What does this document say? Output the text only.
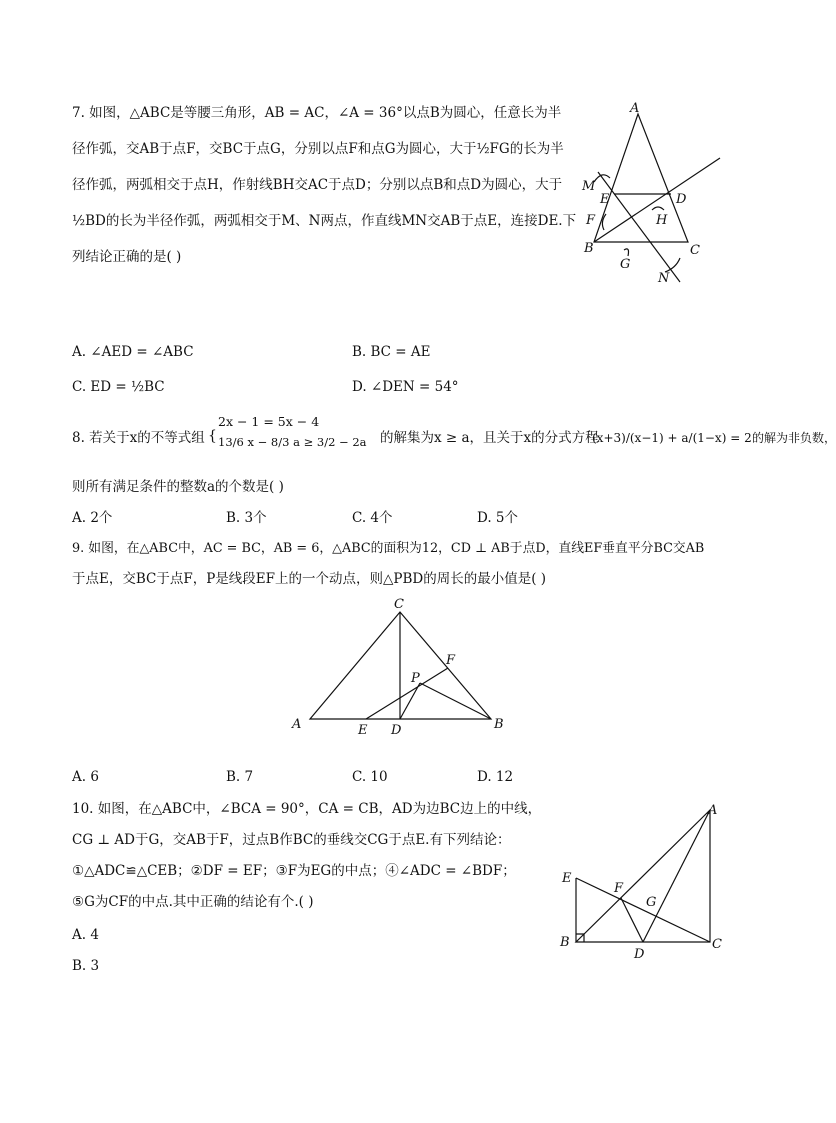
7. 如图，△ABC是等腰三角形，AB = AC，∠A = 36°以点B为圆心，任意长为半
径作弧，交AB于点F，交BC于点G，分别以点F和点G为圆心，大于½FG的长为半
径作弧，两弧相交于点H，作射线BH交AC于点D；分别以点B和点D为圆心，大于
½BD的长为半径作弧，两弧相交于M、N两点，作直线MN交AB于点E，连接DE.下
列结论正确的是( )
A. ∠AED = ∠ABC	B. BC = AE
C. ED = ½BC	D. ∠DEN = 54°
A
M
E	D
F	H
B
G
C
N
8. 若关于x的不等式组 {
2x − 1 = 5x − 4
13/6 x − 8/3 a ≥ 3/2 − 2a 的解集为x ≥ a，且关于x的分式方程
(x+3)/(x−1) + a/(1−x) = 2 的解为非负数，
则所有满足条件的整数a的个数是( )
A. 2个	B. 3个	C. 4个	D. 5个
9. 如图，在△ABC中，AC = BC，AB = 6，△ABC的面积为12，CD ⊥ AB于点D，直线EF垂直平分BC交AB
于点E，交BC于点F，P是线段EF上的一个动点，则△PBD的周长的最小值是( )
C
F
P
A	E D	B
A. 6	B. 7	C. 10	D. 12
10. 如图，在△ABC中，∠BCA = 90°，CA = CB，AD为边BC边上的中线，
CG ⊥ AD于G，交AB于F，过点B作BC的垂线交CG于点E.有下列结论：
①△ADC≌△CEB；②DF = EF；③F为EG的中点；④∠ADC = ∠BDF；
⑤G为CF的中点.其中正确的结论有个.( )
A. 4
B. 3
A
E
F
G
B
D
C
